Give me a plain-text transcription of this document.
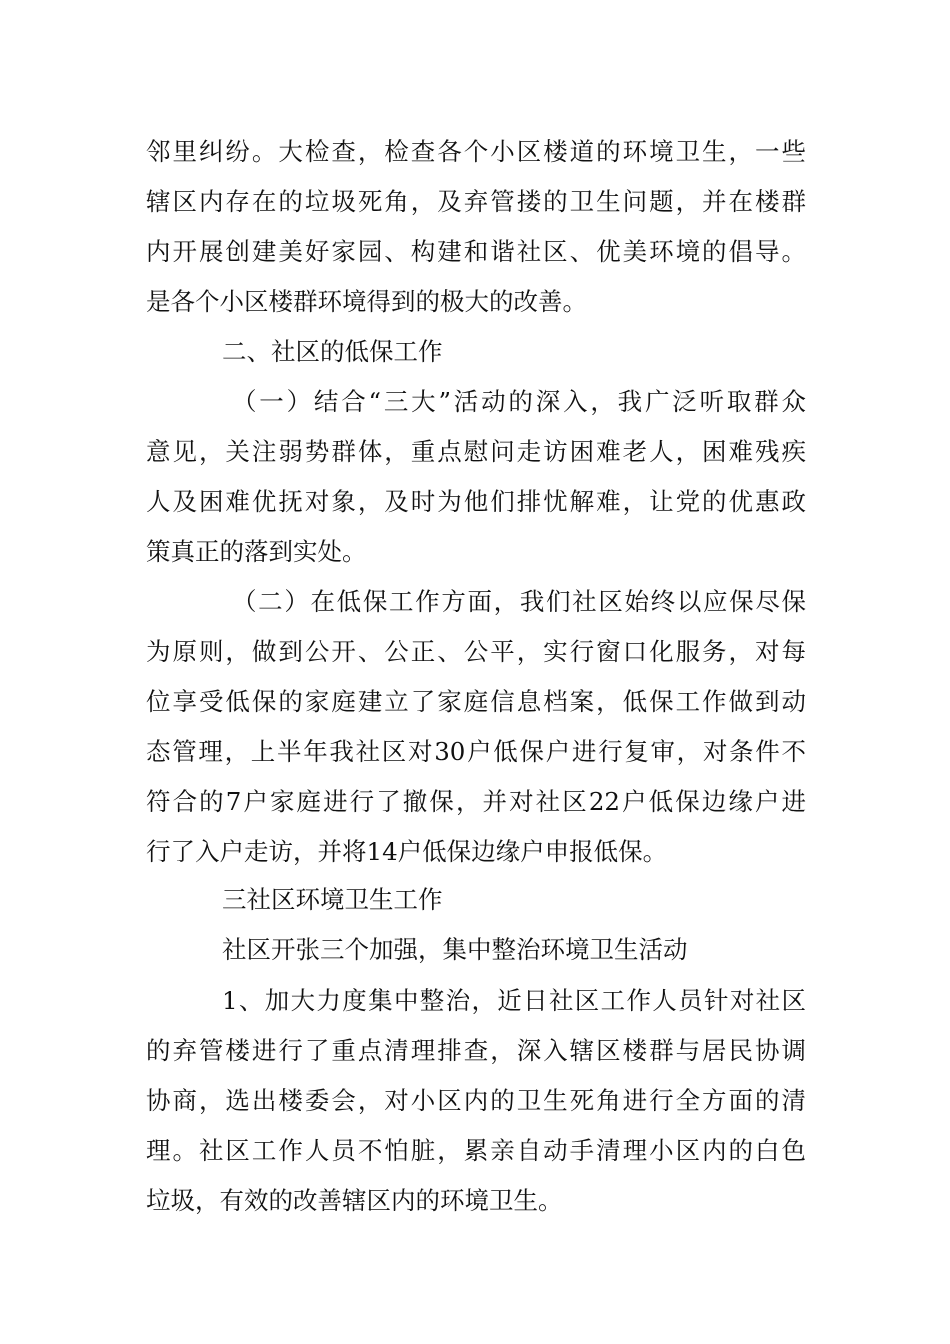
邻里纠纷。大检查，检查各个小区楼道的环境卫生，一些
辖区内存在的垃圾死角，及弃管搂的卫生问题，并在楼群
内开展创建美好家园、构建和谐社区、优美环境的倡导。
是各个小区楼群环境得到的极大的改善。
二、社区的低保工作
（一）结合“三大”活动的深入，我广泛听取群众
意见，关注弱势群体，重点慰问走访困难老人，困难残疾
人及困难优抚对象，及时为他们排忧解难，让党的优惠政
策真正的落到实处。
（二）在低保工作方面，我们社区始终以应保尽保
为原则，做到公开、公正、公平，实行窗口化服务，对每
位享受低保的家庭建立了家庭信息档案，低保工作做到动
态管理，上半年我社区对30户低保户进行复审，对条件不
符合的7户家庭进行了撤保，并对社区22户低保边缘户进
行了入户走访，并将14户低保边缘户申报低保。
三社区环境卫生工作
社区开张三个加强，集中整治环境卫生活动
1、加大力度集中整治，近日社区工作人员针对社区
的弃管楼进行了重点清理排查，深入辖区楼群与居民协调
协商，选出楼委会，对小区内的卫生死角进行全方面的清
理。社区工作人员不怕脏，累亲自动手清理小区内的白色
垃圾，有效的改善辖区内的环境卫生。
